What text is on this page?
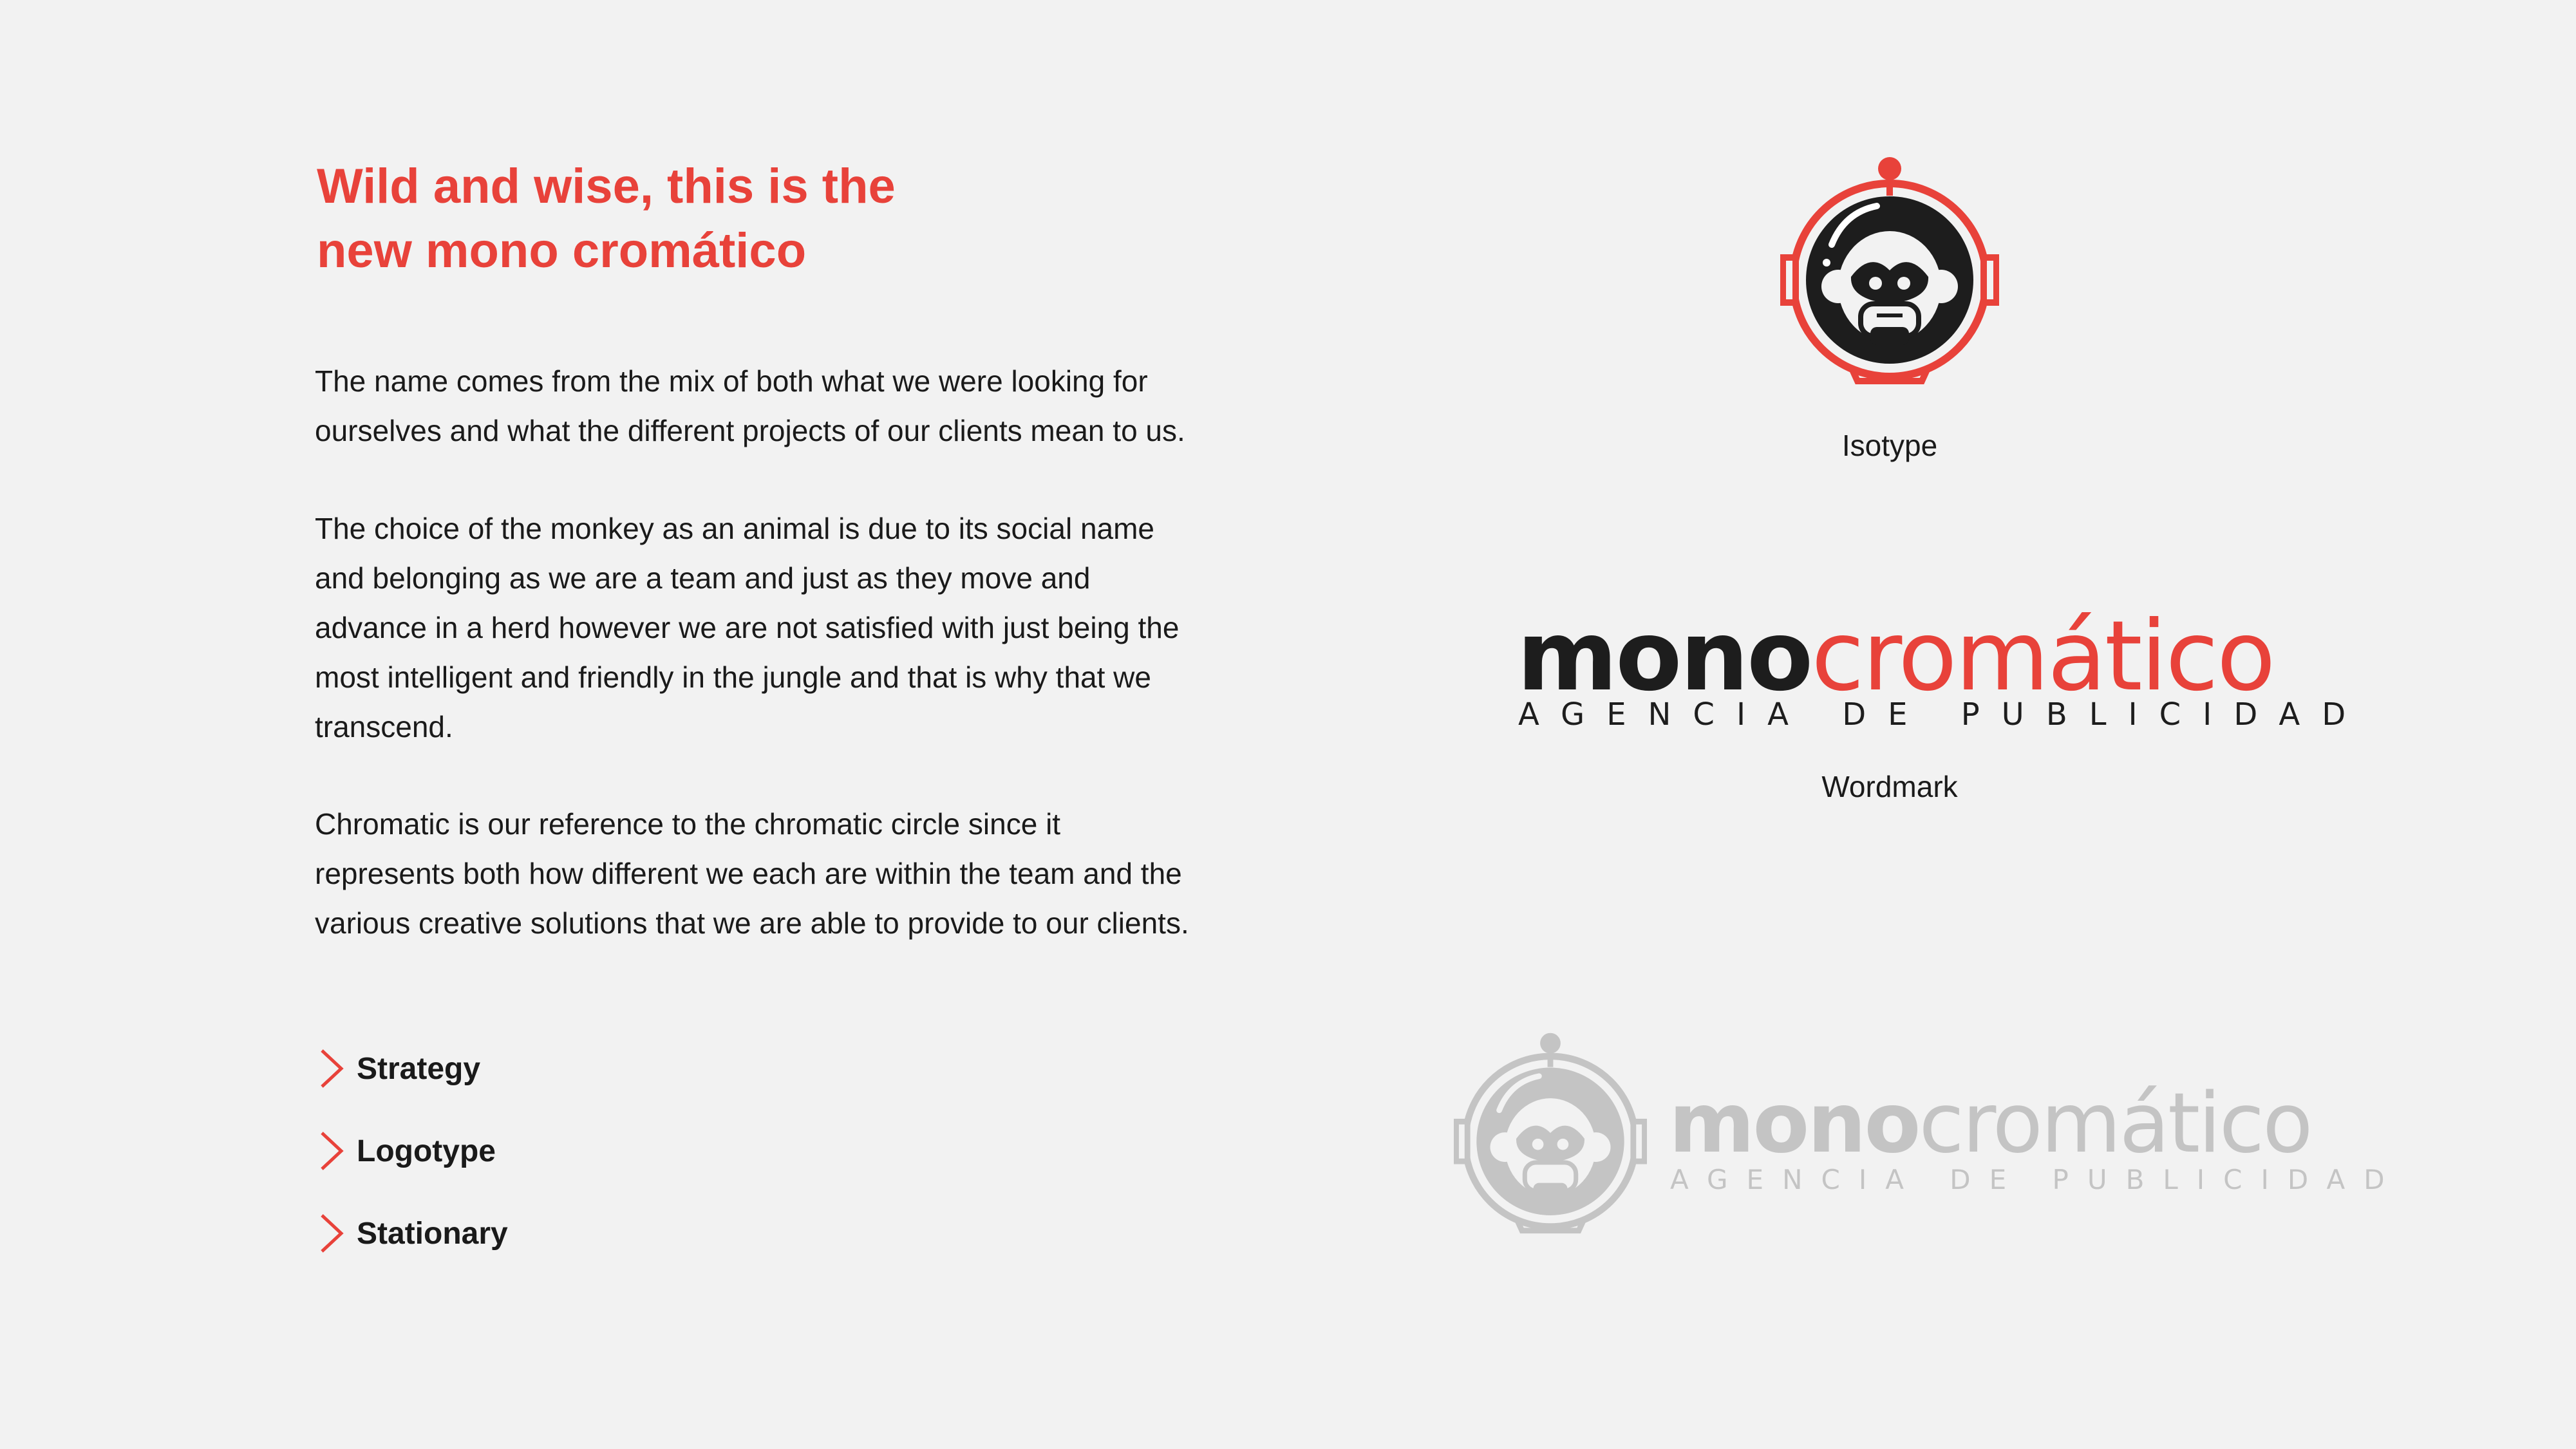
Wild and wise, this is the
new mono cromático

The name comes from the mix of both what we were looking for
ourselves and what the different projects of our clients mean to us.

The choice of the monkey as an animal is due to its social name
and belonging as we are a team and just as they move and
advance in a herd however we are not satisfied with just being the
most intelligent and friendly in the jungle and that is why that we
transcend.

Chromatic is our reference to the chromatic circle since it
represents both how different we each are within the team and the
various creative solutions that we are able to provide to our clients.

Strategy
Logotype
Stationary
Isotype
monocromático
AGENCIA DE PUBLICIDAD
Wordmark
monocromático
AGENCIA DE PUBLICIDAD
